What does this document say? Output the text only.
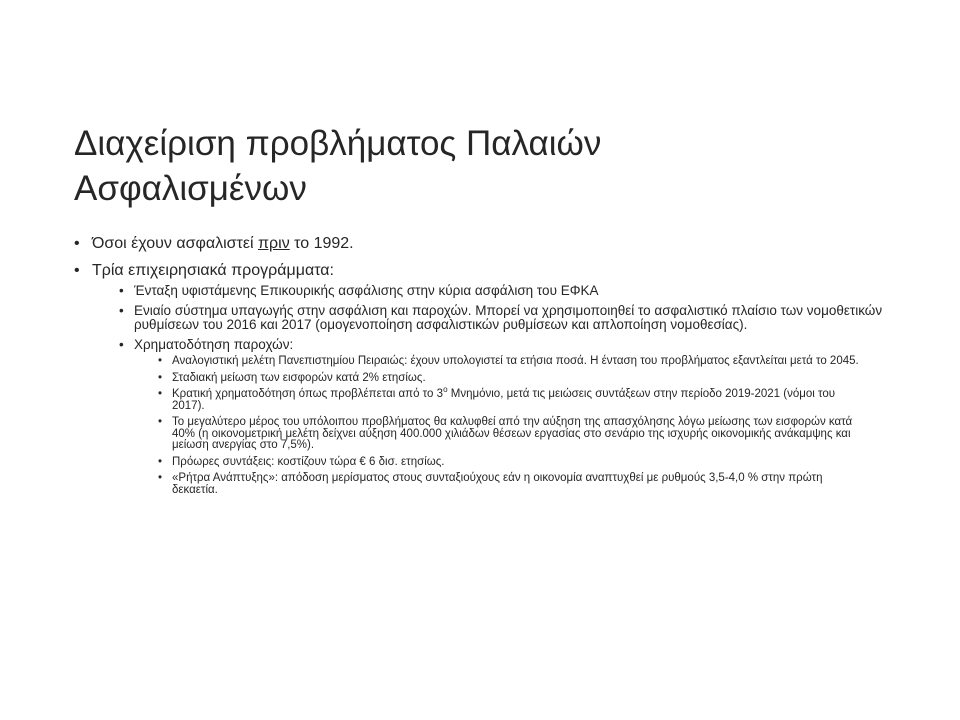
Διαχείριση προβλήματος Παλαιών
Ασφαλισμένων
• Όσοι έχουν ασφαλιστεί πριν το 1992.
• Τρία επιχειρησιακά προγράμματα:
• Ένταξη υφιστάμενης Επικουρικής ασφάλισης στην κύρια ασφάλιση του ΕΦΚΑ
• Ενιαίο σύστημα υπαγωγής στην ασφάλιση και παροχών. Μπορεί να χρησιμοποιηθεί το ασφαλιστικό πλαίσιο των νομοθετικών ρυθμίσεων του 2016 και 2017 (ομογενοποίηση ασφαλιστικών ρυθμίσεων και απλοποίηση νομοθεσίας).
• Χρηματοδότηση παροχών:
• Αναλογιστική μελέτη Πανεπιστημίου Πειραιώς: έχουν υπολογιστεί τα ετήσια ποσά. Η ένταση του προβλήματος εξαντλείται μετά το 2045.
• Σταδιακή μείωση των εισφορών κατά 2% ετησίως.
• Κρατική χρηματοδότηση όπως προβλέπεται από το $3^o$ Μνημόνιο, μετά τις μειώσεις συντάξεων στην περίοδο 2019-2021 (νόμοι του 2017).
• Το μεγαλύτερο μέρος του υπόλοιπου προβλήματος θα καλυφθεί από την αύξηση της απασχόλησης λόγω μείωσης των εισφορών κατά 40% (η οικονομετρική μελέτη δείχνει αύξηση 400.000 χιλιάδων θέσεων εργασίας στο σενάριο της ισχυρής οικονομικής ανάκαμψης και μείωση ανεργίας στο 7,5%).
• Πρόωρες συντάξεις: κοστίζουν τώρα € 6 δισ. ετησίως.
• «Ρήτρα Ανάπτυξης»: απόδοση μερίσματος στους συνταξιούχους εάν η οικονομία αναπτυχθεί με ρυθμούς 3,5-4,0 % στην πρώτη δεκαετία.
